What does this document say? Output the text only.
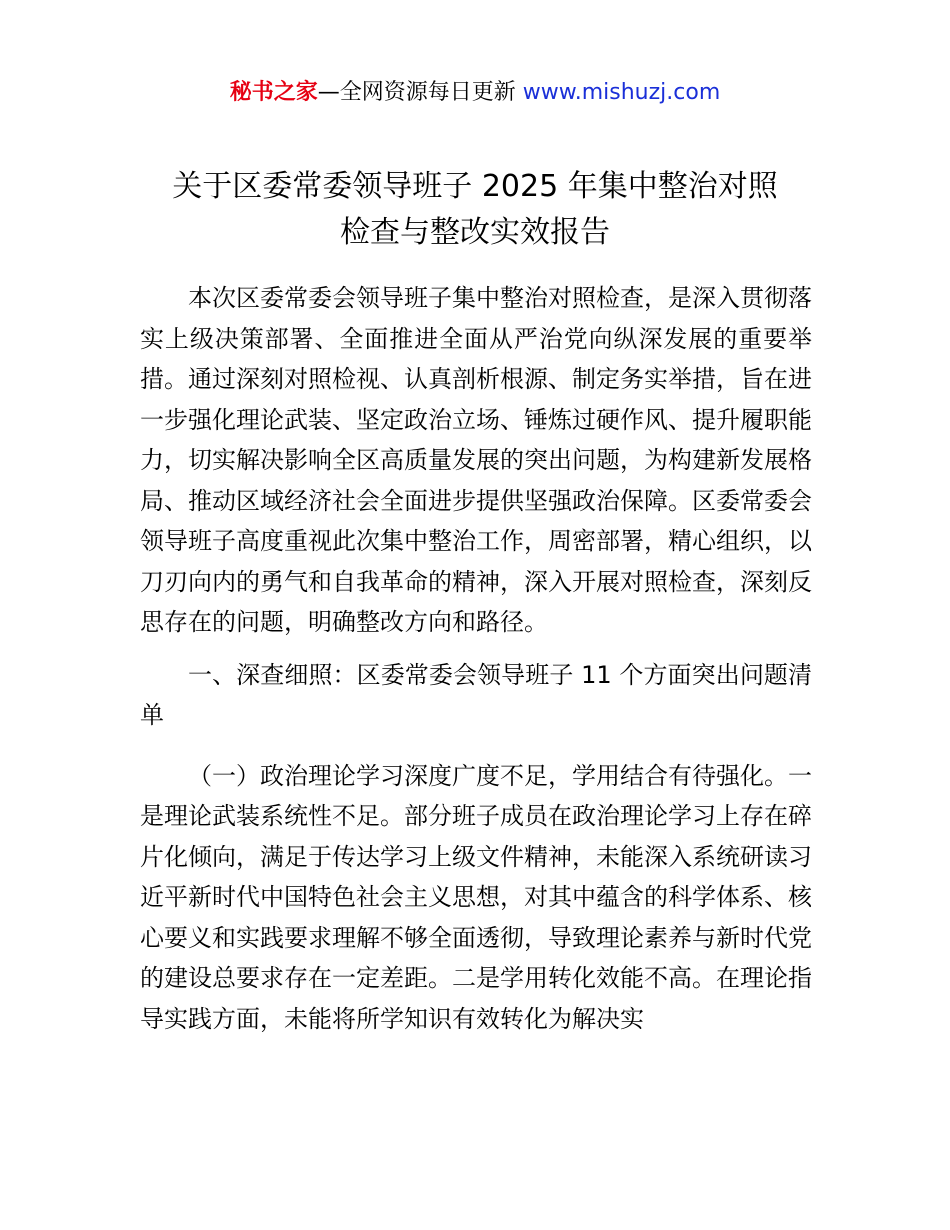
秘书之家—全网资源每日更新 www.mishuzj.com
关于区委常委领导班子 2025 年集中整治对照
检查与整改实效报告

本次区委常委会领导班子集中整治对照检查，是深入贯彻落实上级决策部署、全面推进全面从严治党向纵深发展的重要举措。通过深刻对照检视、认真剖析根源、制定务实举措，旨在进一步强化理论武装、坚定政治立场、锤炼过硬作风、提升履职能力，切实解决影响全区高质量发展的突出问题，为构建新发展格局、推动区域经济社会全面进步提供坚强政治保障。区委常委会领导班子高度重视此次集中整治工作，周密部署，精心组织，以刀刃向内的勇气和自我革命的精神，深入开展对照检查，深刻反思存在的问题，明确整改方向和路径。

一、深查细照：区委常委会领导班子 11 个方面突出问题清单

（一）政治理论学习深度广度不足，学用结合有待强化。一是理论武装系统性不足。部分班子成员在政治理论学习上存在碎片化倾向，满足于传达学习上级文件精神，未能深入系统研读习近平新时代中国特色社会主义思想，对其中蕴含的科学体系、核心要义和实践要求理解不够全面透彻，导致理论素养与新时代党的建设总要求存在一定差距。二是学用转化效能不高。在理论指导实践方面，未能将所学知识有效转化为解决实
